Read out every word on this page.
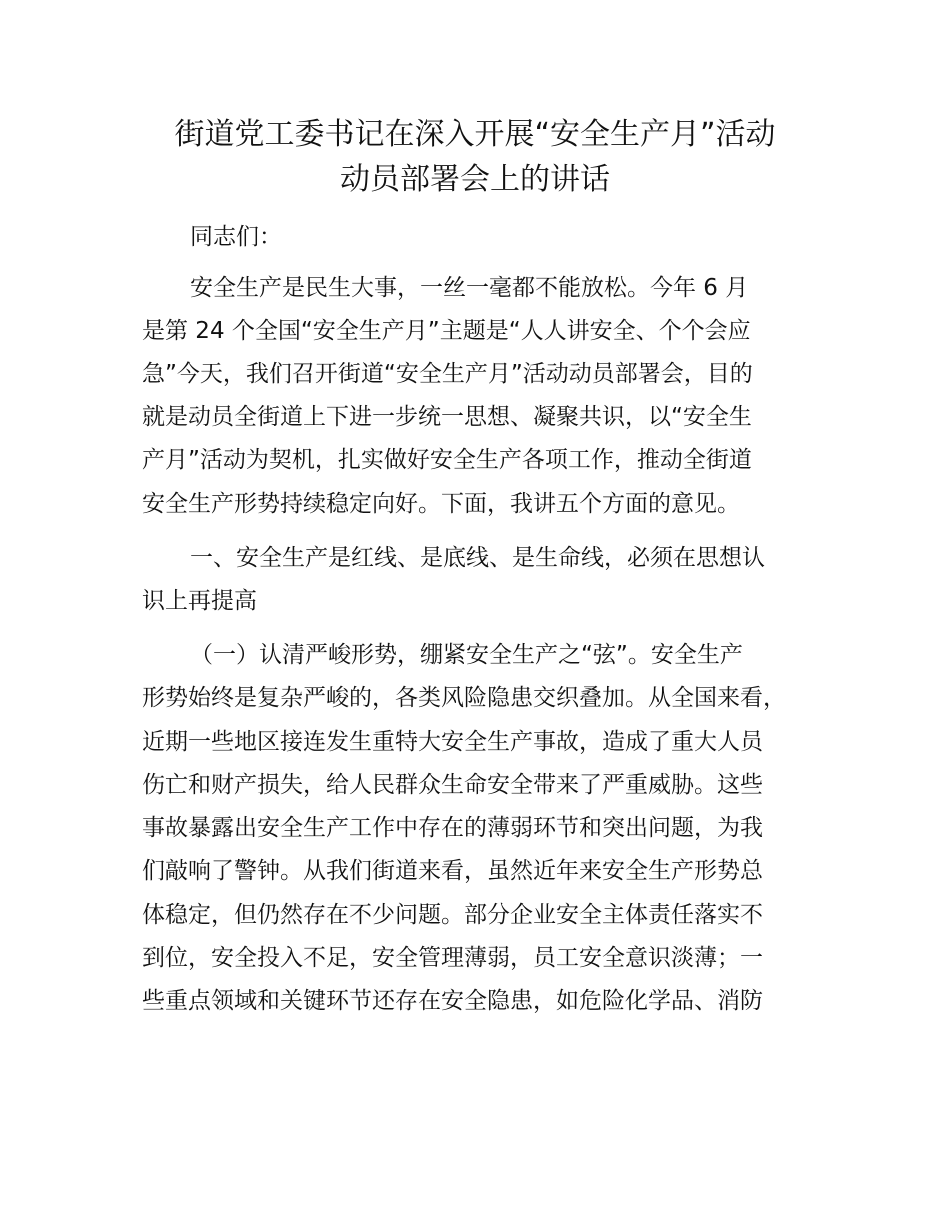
街道党工委书记在深入开展“安全生产月”活动
动员部署会上的讲话
同志们：
安全生产是民生大事，一丝一毫都不能放松。今年 6 月
是第 24 个全国“安全生产月”主题是“人人讲安全、个个会应
急”今天，我们召开街道“安全生产月”活动动员部署会，目的
就是动员全街道上下进一步统一思想、凝聚共识，以“安全生
产月”活动为契机，扎实做好安全生产各项工作，推动全街道
安全生产形势持续稳定向好。下面，我讲五个方面的意见。
一、安全生产是红线、是底线、是生命线，必须在思想认
识上再提高
（一）认清严峻形势，绷紧安全生产之“弦”。安全生产
形势始终是复杂严峻的，各类风险隐患交织叠加。从全国来看，
近期一些地区接连发生重特大安全生产事故，造成了重大人员
伤亡和财产损失，给人民群众生命安全带来了严重威胁。这些
事故暴露出安全生产工作中存在的薄弱环节和突出问题，为我
们敲响了警钟。从我们街道来看，虽然近年来安全生产形势总
体稳定，但仍然存在不少问题。部分企业安全主体责任落实不
到位，安全投入不足，安全管理薄弱，员工安全意识淡薄；一
些重点领域和关键环节还存在安全隐患，如危险化学品、消防
